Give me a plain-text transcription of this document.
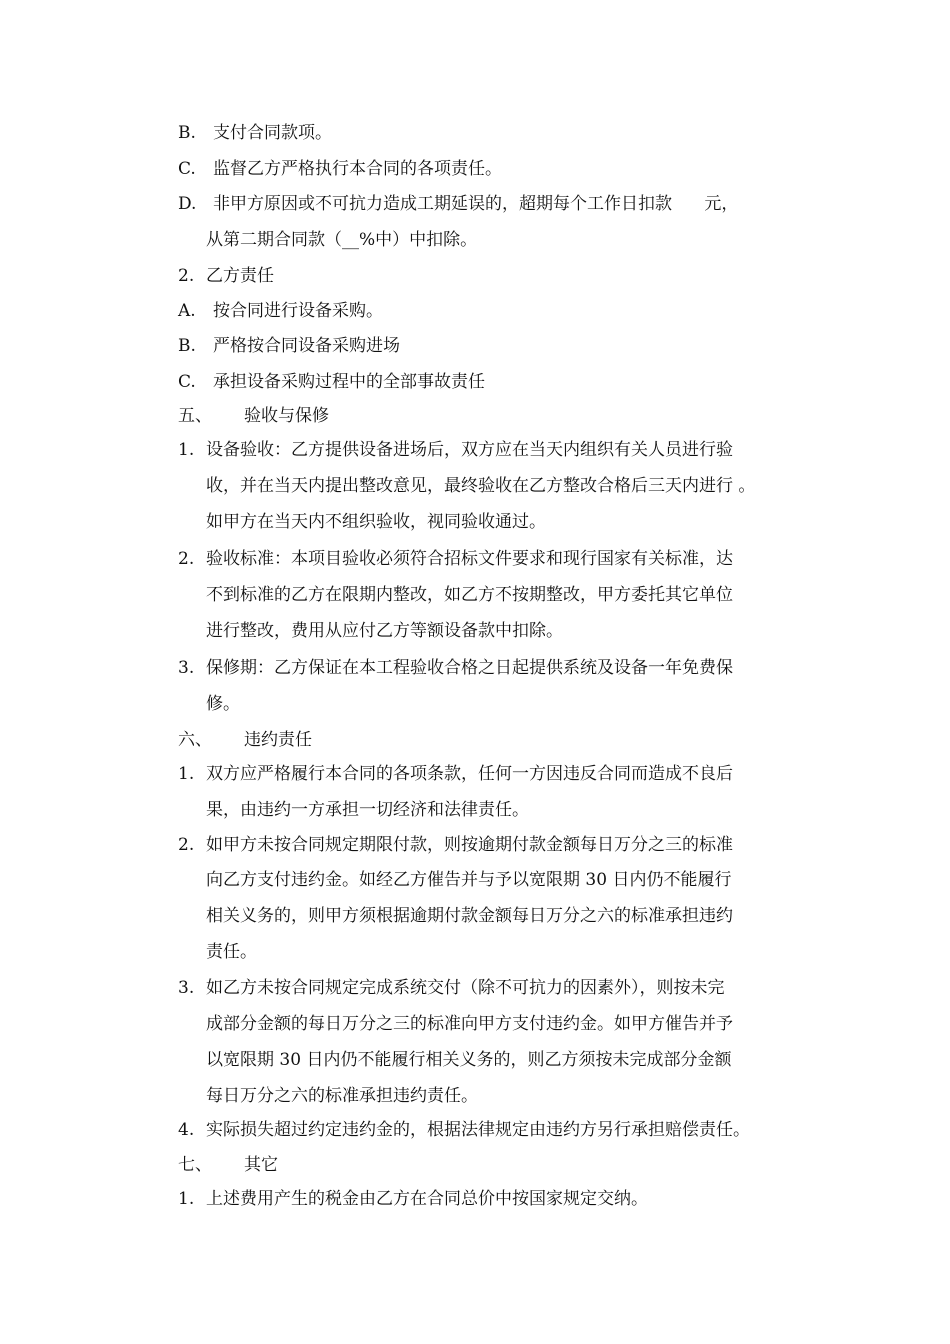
B. 支付合同款项。
C. 监督乙方严格执行本合同的各项责任。
D. 非甲方原因或不可抗力造成工期延误的，超期每个工作日扣款      元，
从第二期合同款（__%中）中扣除。
2. 乙方责任
A. 按合同进行设备采购。
B. 严格按合同设备采购进场
C. 承担设备采购过程中的全部事故责任
五、 验收与保修
1. 设备验收：乙方提供设备进场后，双方应在当天内组织有关人员进行验
收，并在当天内提出整改意见，最终验收在乙方整改合格后三天内进行 。
如甲方在当天内不组织验收，视同验收通过。
2. 验收标准：本项目验收必须符合招标文件要求和现行国家有关标准，达
不到标准的乙方在限期内整改，如乙方不按期整改，甲方委托其它单位
进行整改，费用从应付乙方等额设备款中扣除。
3. 保修期：乙方保证在本工程验收合格之日起提供系统及设备一年免费保
修。
六、 违约责任
1. 双方应严格履行本合同的各项条款，任何一方因违反合同而造成不良后
果，由违约一方承担一切经济和法律责任。
2. 如甲方未按合同规定期限付款，则按逾期付款金额每日万分之三的标准
向乙方支付违约金。如经乙方催告并与予以宽限期 30 日内仍不能履行
相关义务的，则甲方须根据逾期付款金额每日万分之六的标准承担违约
责任。
3. 如乙方未按合同规定完成系统交付（除不可抗力的因素外），则按未完
成部分金额的每日万分之三的标准向甲方支付违约金。如甲方催告并予
以宽限期 30 日内仍不能履行相关义务的，则乙方须按未完成部分金额
每日万分之六的标准承担违约责任。
4. 实际损失超过约定违约金的，根据法律规定由违约方另行承担赔偿责任。
七、 其它
1. 上述费用产生的税金由乙方在合同总价中按国家规定交纳。
